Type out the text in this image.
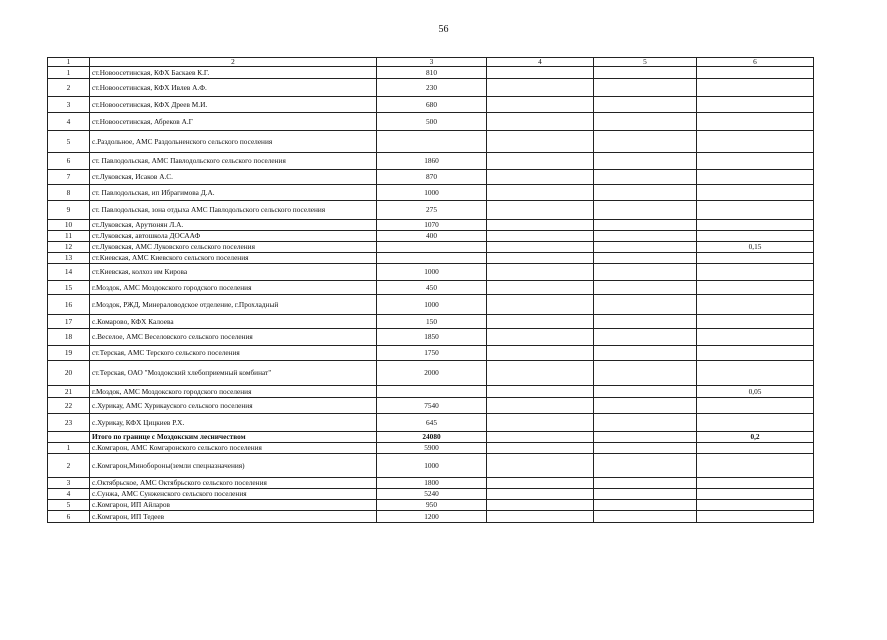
56
1	2	3	4	5	6
1	ст.Новоосетинская, КФХ Баскаев К.Г.	810			
2	ст.Новоосетинская, КФХ Ивлев А.Ф.	230			
3	ст.Новоосетинская, КФХ Дреев М.И.	680			
4	ст.Новоосетинская, Абреков А.Г	500			
5	с.Раздольное, АМС Раздольненского сельского поселения				
6	ст. Павлодольская, АМС Павлодольского сельского поселения	1860			
7	ст.Луковская, Исаков А.С.	870			
8	ст. Павлодольская, ип Ибрагимова Д.А.	1000			
9	ст. Павлодольская, зона отдыха АМС Павлодольского сельского поселения	275			
10	ст.Луковская, Арутюнян Л.А.	1070			
11	ст.Луковская, автошкола ДОСААФ	400			
12	ст.Луковская, АМС Луковского сельского поселения				0,15
13	ст.Киевская, АМС Киевского сельского поселения				
14	ст.Киевская, колхоз им Кирова	1000			
15	г.Моздок, АМС Моздокского городского поселения	450			
16	г.Моздок, РЖД, Минераловодское отделение, г.Прохладный	1000			
17	с.Комарово, КФХ Калоева	150			
18	с.Веселое, АМС Веселовского сельского поселения	1850			
19	ст.Терская, АМС Терского сельского поселения	1750			
20	ст.Терская, ОАО "Моздокский хлебоприемный комбинат"	2000			
21	г.Моздок, АМС Моздокского городского поселения				0,05
22	с.Хурикау, АМС Хурикауского сельского поселения	7540			
23	с.Хурикау, КФХ Цицкиев Р.Х.	645			
	Итого по границе с Моздокским лесничеством	24080			0,2
1	с.Комгарон, АМС Комгаронского сельского поселения	5900			
2	с.Комгарон,Минобороны(земли спецназначения)	1000			
3	с.Октябрьское, АМС Октябрьского сельского поселения	1800			
4	с.Сунжа, АМС Сунженского сельского поселения	5240			
5	с.Комгарон, ИП Айларов	950			
6	с.Комгарон, ИП Тедеев	1200			
